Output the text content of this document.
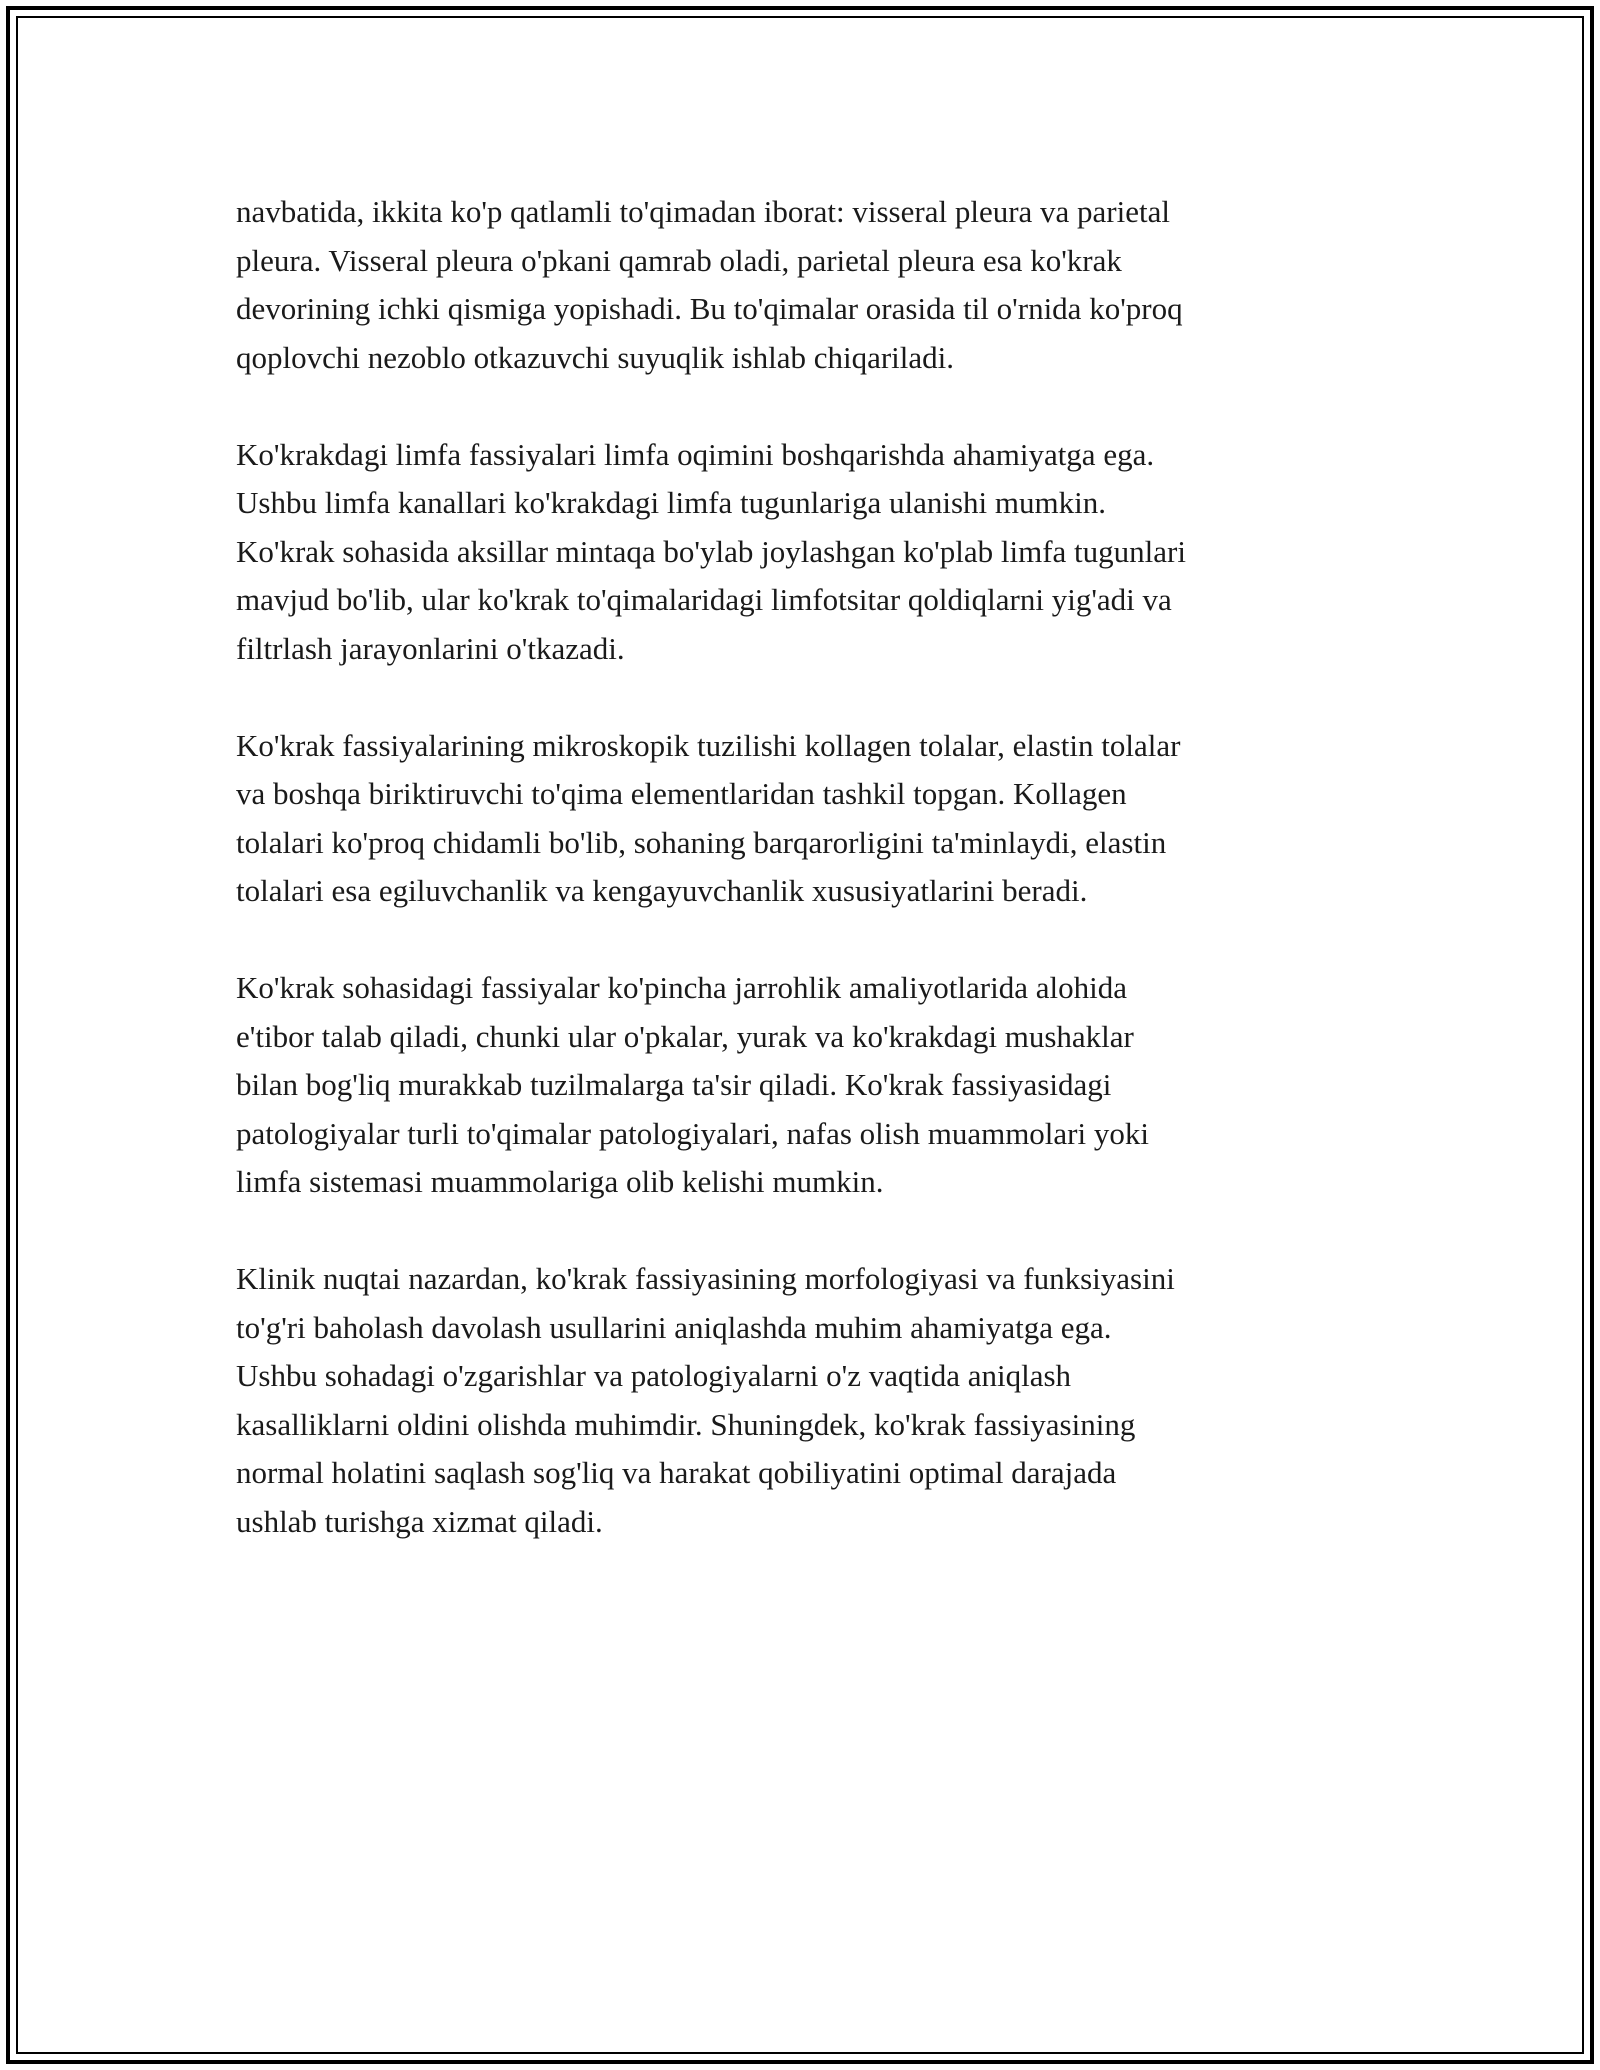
navbatida, ikkita ko'p qatlamli to'qimadan iborat: visseral pleura va parietal
pleura. Visseral pleura o'pkani qamrab oladi, parietal pleura esa ko'krak
devorining ichki qismiga yopishadi. Bu to'qimalar orasida til o'rnida ko'proq
qoplovchi nezoblo otkazuvchi suyuqlik ishlab chiqariladi.

Ko'krakdagi limfa fassiyalari limfa oqimini boshqarishda ahamiyatga ega.
Ushbu limfa kanallari ko'krakdagi limfa tugunlariga ulanishi mumkin.
Ko'krak sohasida aksillar mintaqa bo'ylab joylashgan ko'plab limfa tugunlari
mavjud bo'lib, ular ko'krak to'qimalaridagi limfotsitar qoldiqlarni yig'adi va
filtrlash jarayonlarini o'tkazadi.

Ko'krak fassiyalarining mikroskopik tuzilishi kollagen tolalar, elastin tolalar
va boshqa biriktiruvchi to'qima elementlaridan tashkil topgan. Kollagen
tolalari ko'proq chidamli bo'lib, sohaning barqarorligini ta'minlaydi, elastin
tolalari esa egiluvchanlik va kengayuvchanlik xususiyatlarini beradi.

Ko'krak sohasidagi fassiyalar ko'pincha jarrohlik amaliyotlarida alohida
e'tibor talab qiladi, chunki ular o'pkalar, yurak va ko'krakdagi mushaklar
bilan bog'liq murakkab tuzilmalarga ta'sir qiladi. Ko'krak fassiyasidagi
patologiyalar turli to'qimalar patologiyalari, nafas olish muammolari yoki
limfa sistemasi muammolariga olib kelishi mumkin.

Klinik nuqtai nazardan, ko'krak fassiyasining morfologiyasi va funksiyasini
to'g'ri baholash davolash usullarini aniqlashda muhim ahamiyatga ega.
Ushbu sohadagi o'zgarishlar va patologiyalarni o'z vaqtida aniqlash
kasalliklarni oldini olishda muhimdir. Shuningdek, ko'krak fassiyasining
normal holatini saqlash sog'liq va harakat qobiliyatini optimal darajada
ushlab turishga xizmat qiladi.
